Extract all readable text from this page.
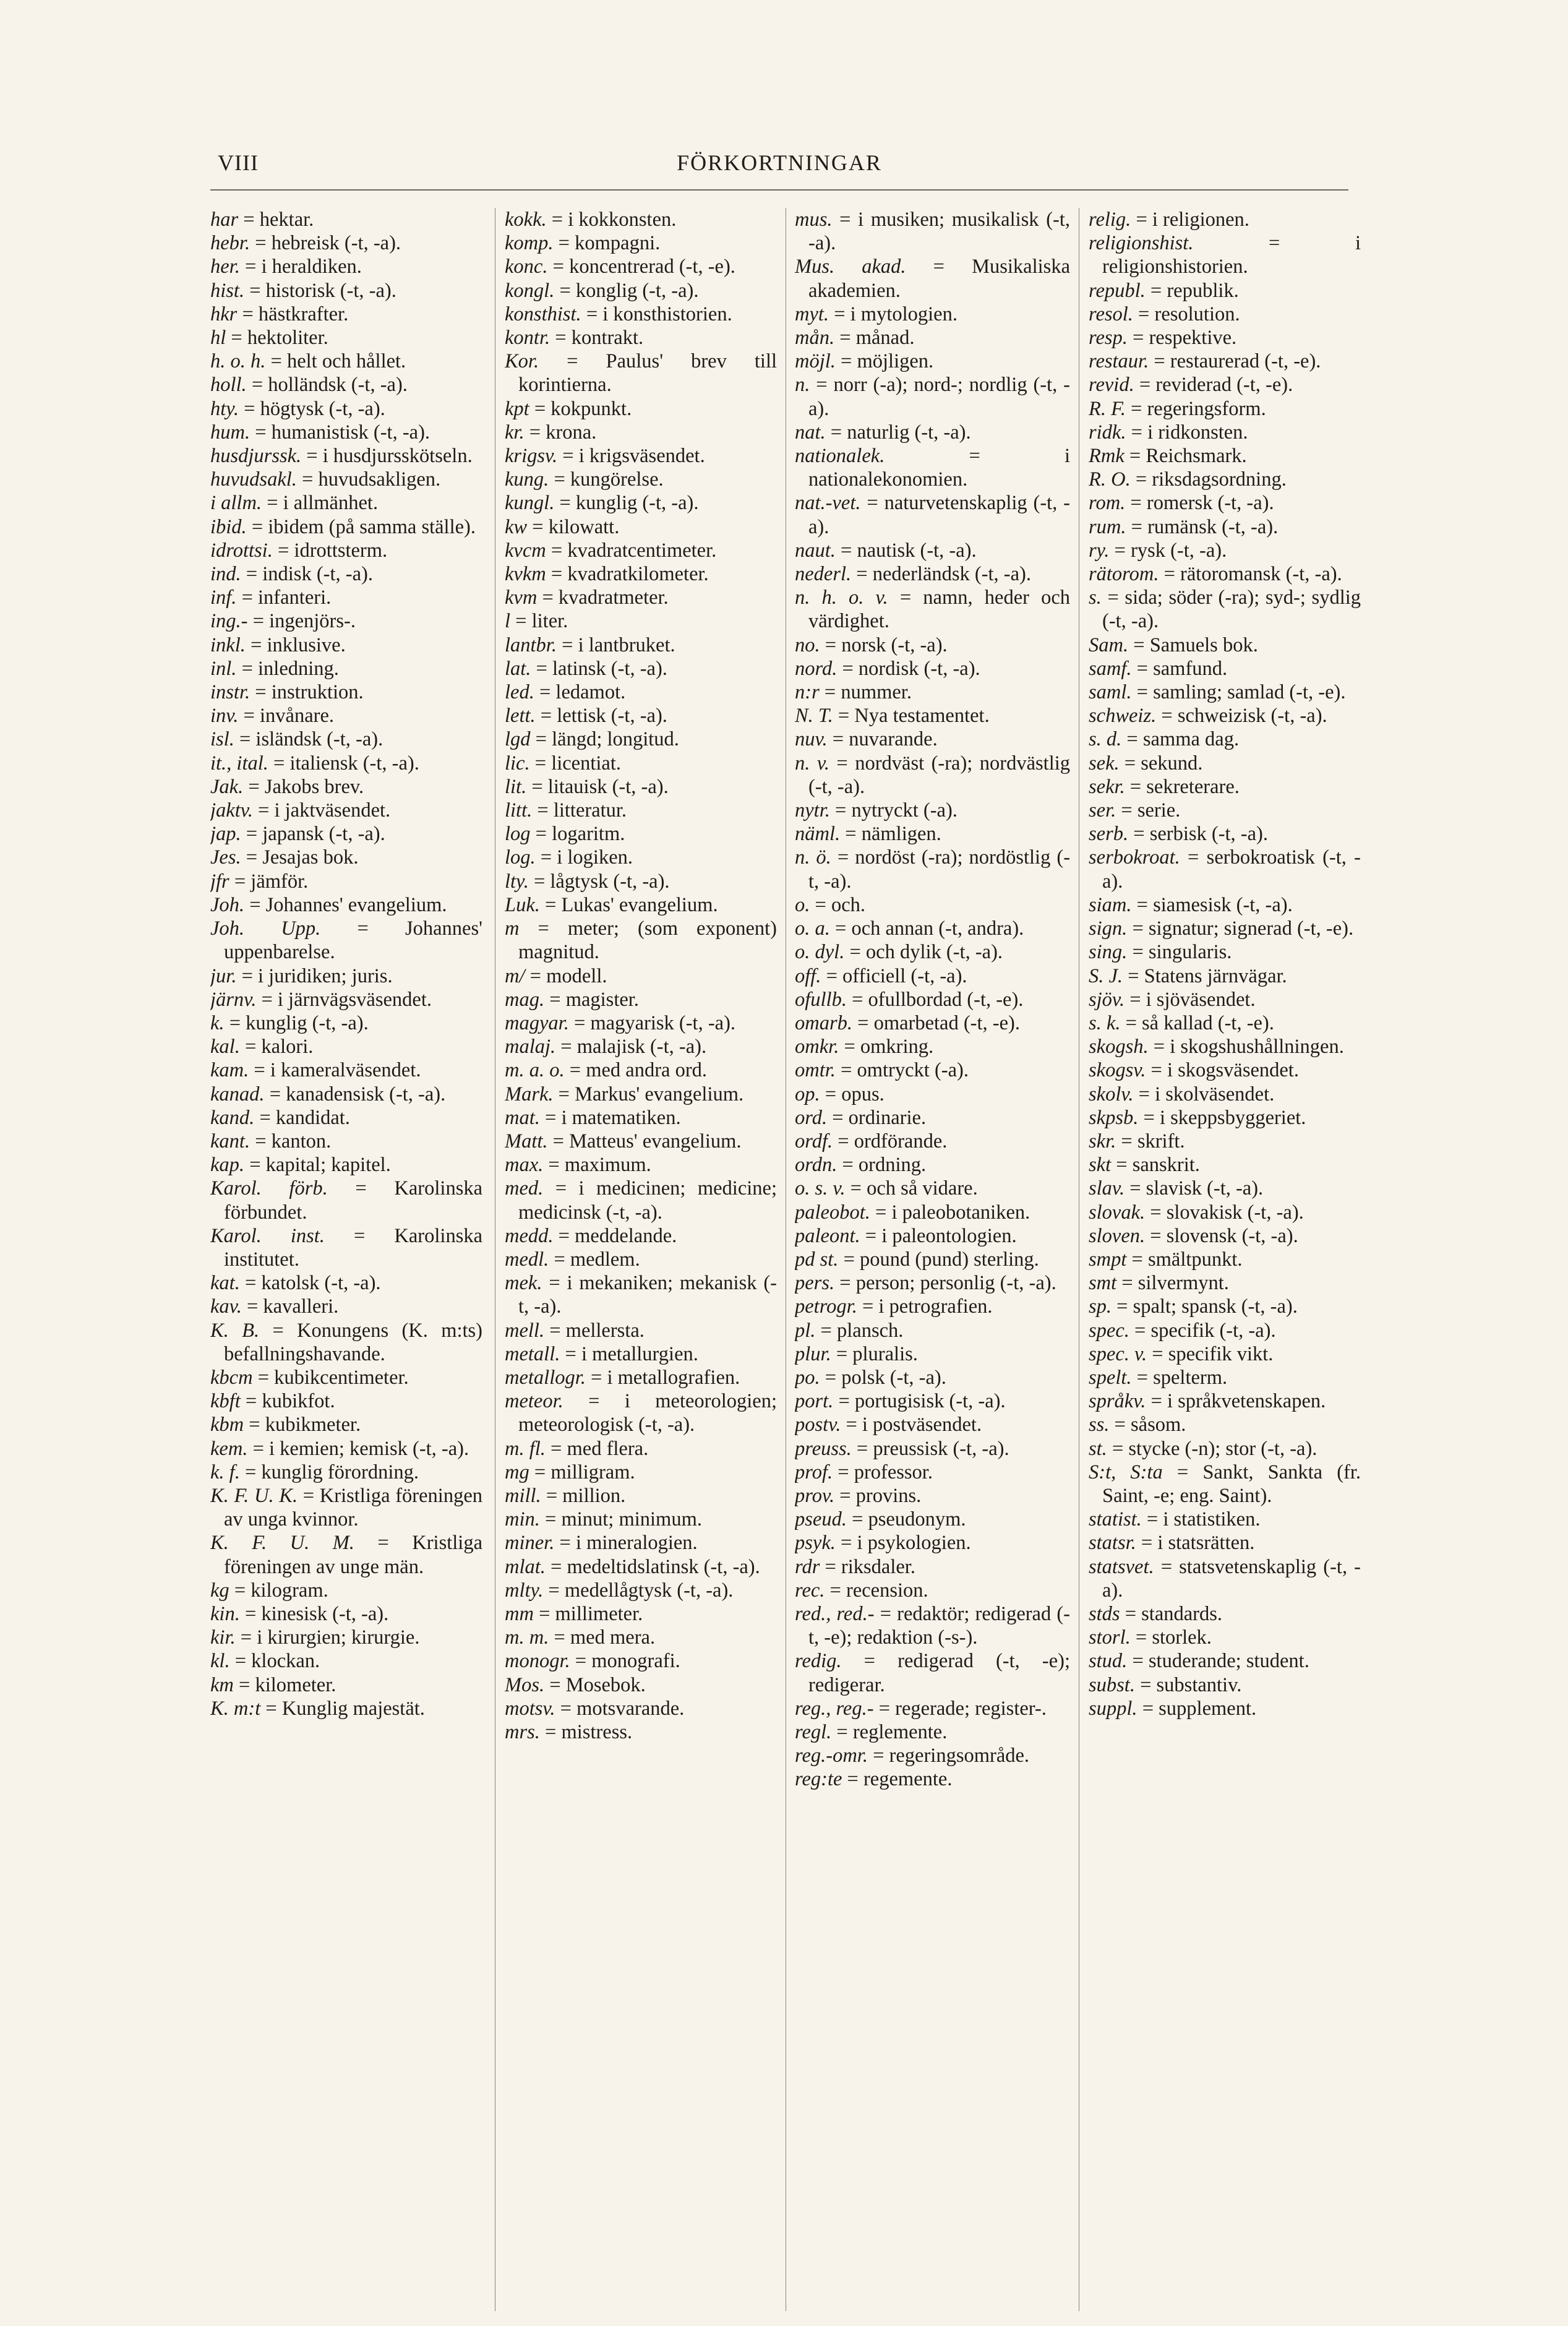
VIII	FÖRKORTNINGAR
har = hektar.
hebr. = hebreisk (-t, -a).
her. = i heraldiken.
hist. = historisk (-t, -a).
hkr = hästkrafter.
hl = hektoliter.
h. o. h. = helt och hållet.
holl. = holländsk (-t, -a).
hty. = högtysk (-t, -a).
hum. = humanistisk (-t, -a).
husdjurssk. = i husdjursskötseln.
huvudsakl. = huvudsakligen.
i allm. = i allmänhet.
ibid. = ibidem (på samma ställe).
idrottsi. = idrottsterm.
ind. = indisk (-t, -a).
inf. = infanteri.
ing.- = ingenjörs-.
inkl. = inklusive.
inl. = inledning.
instr. = instruktion.
inv. = invånare.
isl. = isländsk (-t, -a).
it., ital. = italiensk (-t, -a).
Jak. = Jakobs brev.
jaktv. = i jaktväsendet.
jap. = japansk (-t, -a).
Jes. = Jesajas bok.
jfr = jämför.
Joh. = Johannes' evangelium.
Joh. Upp. = Johannes' uppenbarelse.
jur. = i juridiken; juris.
järnv. = i järnvägsväsendet.
k. = kunglig (-t, -a).
kal. = kalori.
kam. = i kameralväsendet.
kanad. = kanadensisk (-t, -a).
kand. = kandidat.
kant. = kanton.
kap. = kapital; kapitel.
Karol. förb. = Karolinska förbundet.
Karol. inst. = Karolinska institutet.
kat. = katolsk (-t, -a).
kav. = kavalleri.
K. B. = Konungens (K. m:ts) befallningshavande.
kbcm = kubikcentimeter.
kbft = kubikfot.
kbm = kubikmeter.
kem. = i kemien; kemisk (-t, -a).
k. f. = kunglig förordning.
K. F. U. K. = Kristliga föreningen av unga kvinnor.
K. F. U. M. = Kristliga föreningen av unge män.
kg = kilogram.
kin. = kinesisk (-t, -a).
kir. = i kirurgien; kirurgie.
kl. = klockan.
km = kilometer.
K. m:t = Kunglig majestät.
kokk. = i kokkonsten.
komp. = kompagni.
konc. = koncentrerad (-t, -e).
kongl. = konglig (-t, -a).
konsthist. = i konsthistorien.
kontr. = kontrakt.
Kor. = Paulus' brev till korintierna.
kpt = kokpunkt.
kr. = krona.
krigsv. = i krigsväsendet.
kung. = kungörelse.
kungl. = kunglig (-t, -a).
kw = kilowatt.
kvcm = kvadratcentimeter.
kvkm = kvadratkilometer.
kvm = kvadratmeter.
l = liter.
lantbr. = i lantbruket.
lat. = latinsk (-t, -a).
led. = ledamot.
lett. = lettisk (-t, -a).
lgd = längd; longitud.
lic. = licentiat.
lit. = litauisk (-t, -a).
litt. = litteratur.
log = logaritm.
log. = i logiken.
lty. = lågtysk (-t, -a).
Luk. = Lukas' evangelium.
m = meter; (som exponent) magnitud.
m/ = modell.
mag. = magister.
magyar. = magyarisk (-t, -a).
malaj. = malajisk (-t, -a).
m. a. o. = med andra ord.
Mark. = Markus' evangelium.
mat. = i matematiken.
Matt. = Matteus' evangelium.
max. = maximum.
med. = i medicinen; medicine; medicinsk (-t, -a).
medd. = meddelande.
medl. = medlem.
mek. = i mekaniken; mekanisk (-t, -a).
mell. = mellersta.
metall. = i metallurgien.
metallogr. = i metallografien.
meteor. = i meteorologien; meteorologisk (-t, -a).
m. fl. = med flera.
mg = milligram.
mill. = million.
min. = minut; minimum.
miner. = i mineralogien.
mlat. = medeltidslatinsk (-t, -a).
mlty. = medellågtysk (-t, -a).
mm = millimeter.
m. m. = med mera.
monogr. = monografi.
Mos. = Mosebok.
motsv. = motsvarande.
mrs. = mistress.
mus. = i musiken; musikalisk (-t, -a).
Mus. akad. = Musikaliska akademien.
myt. = i mytologien.
mån. = månad.
möjl. = möjligen.
n. = norr (-a); nord-; nordlig (-t, -a).
nat. = naturlig (-t, -a).
nationalek.	= i nationalekonomien.
nat.-vet. = naturvetenskaplig (-t, -a).
naut. = nautisk (-t, -a).
nederl. = nederländsk (-t, -a).
n. h. o. v. = namn, heder och värdighet.
no. = norsk (-t, -a).
nord. = nordisk (-t, -a).
n:r = nummer.
N. T. = Nya testamentet.
nuv. = nuvarande.
n. v. = nordväst (-ra); nordvästlig (-t, -a).
nytr. = nytryckt (-a).
näml. = nämligen.
n. ö. = nordöst (-ra); nordöstlig (-t, -a).
o. = och.
o. a. = och annan (-t, andra).
o. dyl. = och dylik (-t, -a).
off. = officiell (-t, -a).
ofullb. = ofullbordad (-t, -e).
omarb. = omarbetad (-t, -e).
omkr. = omkring.
omtr. = omtryckt (-a).
op. = opus.
ord. = ordinarie.
ordf. = ordförande.
ordn. = ordning.
o. s. v. = och så vidare.
paleobot. = i paleobotaniken.
paleont. = i paleontologien.
pd st. = pound (pund) sterling.
pers. = person; personlig (-t, -a).
petrogr. = i petrografien.
pl. = plansch.
plur. = pluralis.
po. = polsk (-t, -a).
port. = portugisisk (-t, -a).
postv. = i postväsendet.
preuss. = preussisk (-t, -a).
prof. = professor.
prov. = provins.
pseud. = pseudonym.
psyk. = i psykologien.
rdr = riksdaler.
rec. = recension.
red., red.- = redaktör; redigerad (-t, -e); redaktion (-s-).
redig. = redigerad (-t, -e); redigerar.
reg., reg.- = regerade; register-.
regl. = reglemente.
reg.-omr. = regeringsområde.
reg:te = regemente.
relig. = i religionen.
religionshist.	= i religionshistorien.
republ. = republik.
resol. = resolution.
resp. = respektive.
restaur. = restaurerad (-t, -e).
revid. = reviderad (-t, -e).
R. F. = regeringsform.
ridk. = i ridkonsten.
Rmk = Reichsmark.
R. O. = riksdagsordning.
rom. = romersk (-t, -a).
rum. = rumänsk (-t, -a).
ry. = rysk (-t, -a).
rätorom. = rätoromansk (-t, -a).
s. = sida; söder (-ra); syd-; sydlig (-t, -a).
Sam. = Samuels bok.
samf. = samfund.
saml. = samling; samlad (-t, -e).
schweiz. = schweizisk (-t, -a).
s. d. = samma dag.
sek. = sekund.
sekr. = sekreterare.
ser. = serie.
serb. = serbisk (-t, -a).
serbokroat. = serbokroatisk (-t, -a).
siam. = siamesisk (-t, -a).
sign. = signatur; signerad (-t, -e).
sing. = singularis.
S. J. = Statens järnvägar.
sjöv. = i sjöväsendet.
s. k. = så kallad (-t, -e).
skogsh. = i skogshushållningen.
skogsv. = i skogsväsendet.
skolv. = i skolväsendet.
skpsb. = i skeppsbyggeriet.
skr. = skrift.
skt = sanskrit.
slav. = slavisk (-t, -a).
slovak. = slovakisk (-t, -a).
sloven. = slovensk (-t, -a).
smpt = smältpunkt.
smt = silvermynt.
sp. = spalt; spansk (-t, -a).
spec. = specifik (-t, -a).
spec. v. = specifik vikt.
spelt. = spelterm.
språkv. = i språkvetenskapen.
ss. = såsom.
st. = stycke (-n); stor (-t, -a).
S:t, S:ta = Sankt, Sankta (fr. Saint, -e; eng. Saint).
statist. = i statistiken.
statsr. = i statsrätten.
statsvet. = statsvetenskaplig (-t, -a).
stds = standards.
storl. = storlek.
stud. = studerande; student.
subst. = substantiv.
suppl. = supplement.
